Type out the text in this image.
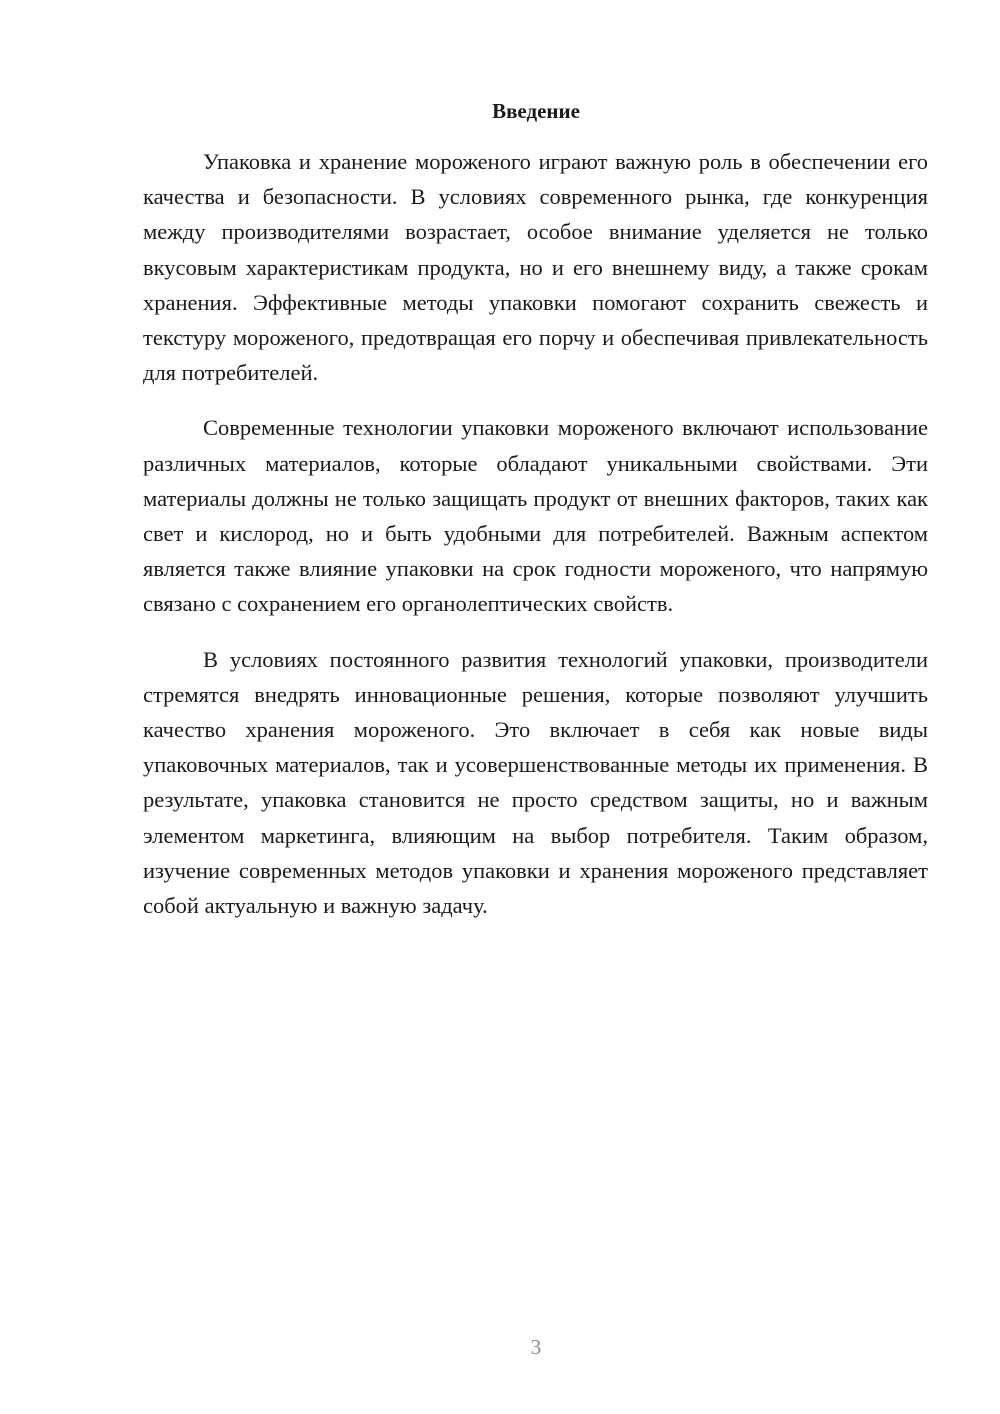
Введение

Упаковка и хранение мороженого играют важную роль в обеспечении его качества и безопасности. В условиях современного рынка, где конкуренция между производителями возрастает, особое внимание уделяется не только вкусовым характеристикам продукта, но и его внешнему виду, а также срокам хранения. Эффективные методы упаковки помогают сохранить свежесть и текстуру мороженого, предотвращая его порчу и обеспечивая привлекательность для потребителей.

Современные технологии упаковки мороженого включают использование различных материалов, которые обладают уникальными свойствами. Эти материалы должны не только защищать продукт от внешних факторов, таких как свет и кислород, но и быть удобными для потребителей. Важным аспектом является также влияние упаковки на срок годности мороженого, что напрямую связано с сохранением его органолептических свойств.

В условиях постоянного развития технологий упаковки, производители стремятся внедрять инновационные решения, которые позволяют улучшить качество хранения мороженого. Это включает в себя как новые виды упаковочных материалов, так и усовершенствованные методы их применения. В результате, упаковка становится не просто средством защиты, но и важным элементом маркетинга, влияющим на выбор потребителя. Таким образом, изучение современных методов упаковки и хранения мороженого представляет собой актуальную и важную задачу.

3
